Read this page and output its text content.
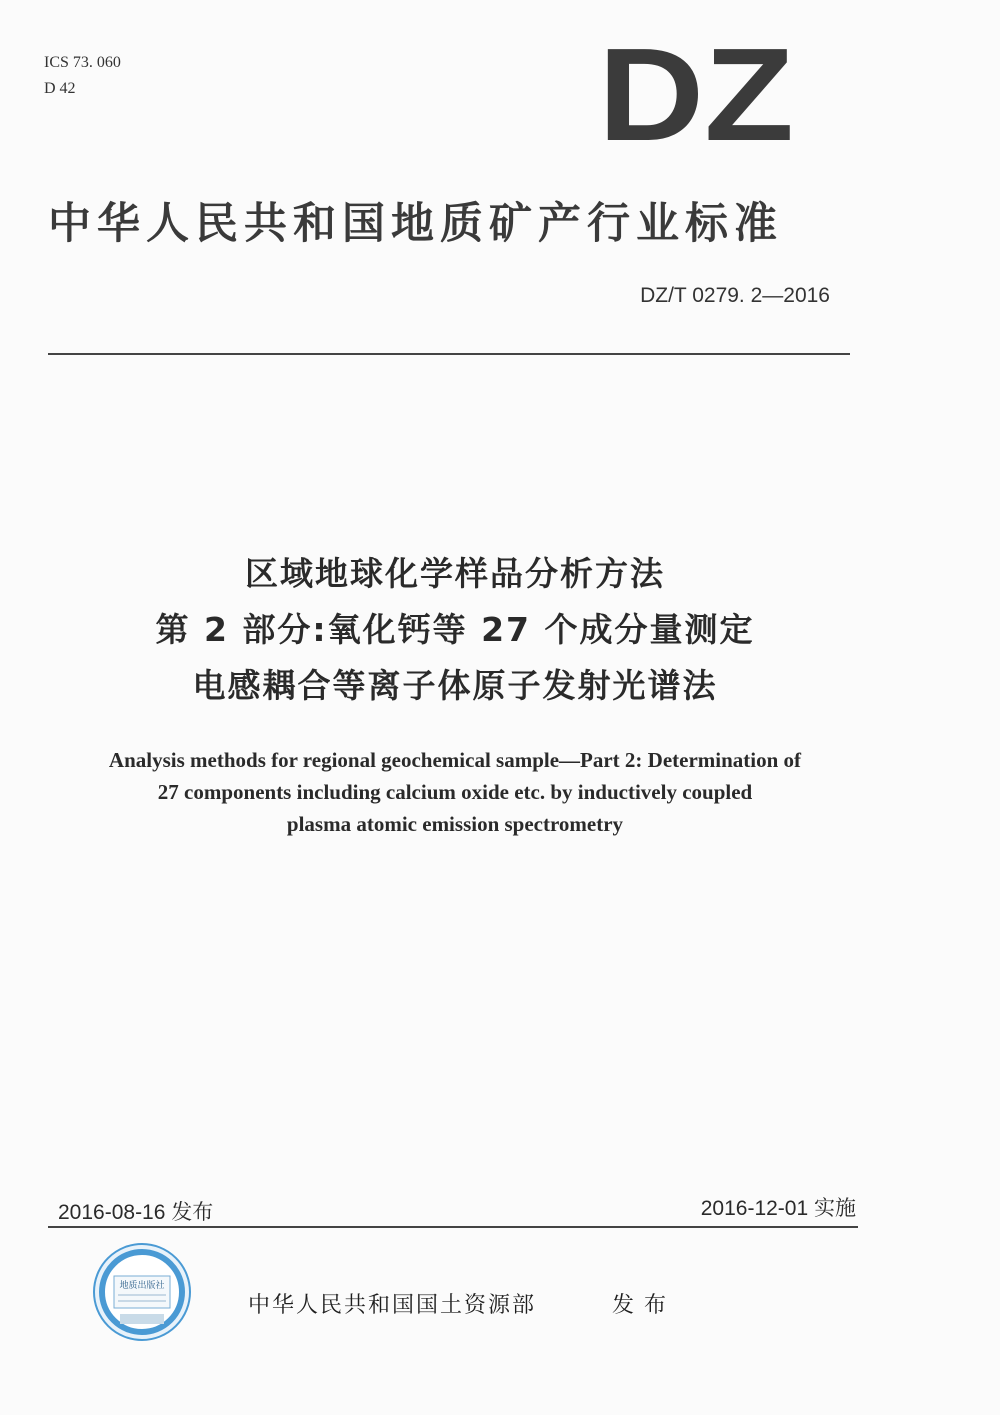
ICS 73. 060
D 42	DZ
中华人民共和国地质矿产行业标准
DZ/T 0279. 2—2016
区域地球化学样品分析方法
第 2 部分:氧化钙等 27 个成分量测定
电感耦合等离子体原子发射光谱法
Analysis methods for regional geochemical sample—Part 2: Determination of
27 components including calcium oxide etc. by inductively coupled
plasma atomic emission spectrometry
2016-08-16 发布	2016-12-01 实施
地质出版社
中华人民共和国国土资源部	发布
